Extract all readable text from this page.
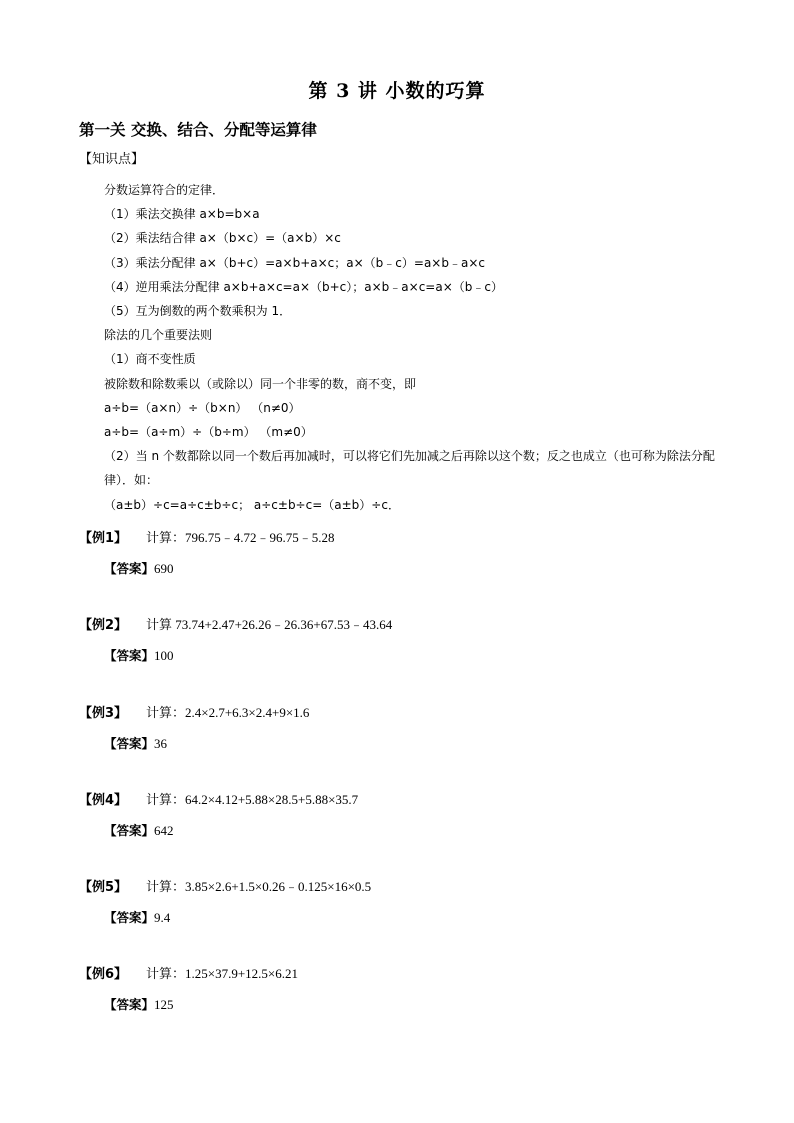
第 3 讲 小数的巧算
第一关 交换、结合、分配等运算律
【知识点】
分数运算符合的定律．
（1）乘法交换律 a×b=b×a
（2）乘法结合律 a×（b×c）=（a×b）×c
（3）乘法分配律 a×（b+c）=a×b+a×c；a×（b﹣c）=a×b﹣a×c
（4）逆用乘法分配律 a×b+a×c=a×（b+c）；a×b﹣a×c=a×（b﹣c）
（5）互为倒数的两个数乘积为 1．
除法的几个重要法则
（1）商不变性质
被除数和除数乘以（或除以）同一个非零的数，商不变，即
a÷b=（a×n）÷（b×n） （n≠0）
a÷b=（a÷m）÷（b÷m） （m≠0）
（2）当 n 个数都除以同一个数后再加减时，可以将它们先加减之后再除以这个数；反之也成立（也可称为除法分配律）．如：
（a±b）÷c=a÷c±b÷c； a÷c±b÷c=（a±b）÷c．
【例1】 计算：796.75﹣4.72﹣96.75﹣5.28
【答案】690
【例2】 计算 73.74+2.47+26.26﹣26.36+67.53﹣43.64
【答案】100
【例3】 计算：2.4×2.7+6.3×2.4+9×1.6
【答案】36
【例4】 计算：64.2×4.12+5.88×28.5+5.88×35.7
【答案】642
【例5】 计算：3.85×2.6+1.5×0.26﹣0.125×16×0.5
【答案】9.4
【例6】 计算：1.25×37.9+12.5×6.21
【答案】125
